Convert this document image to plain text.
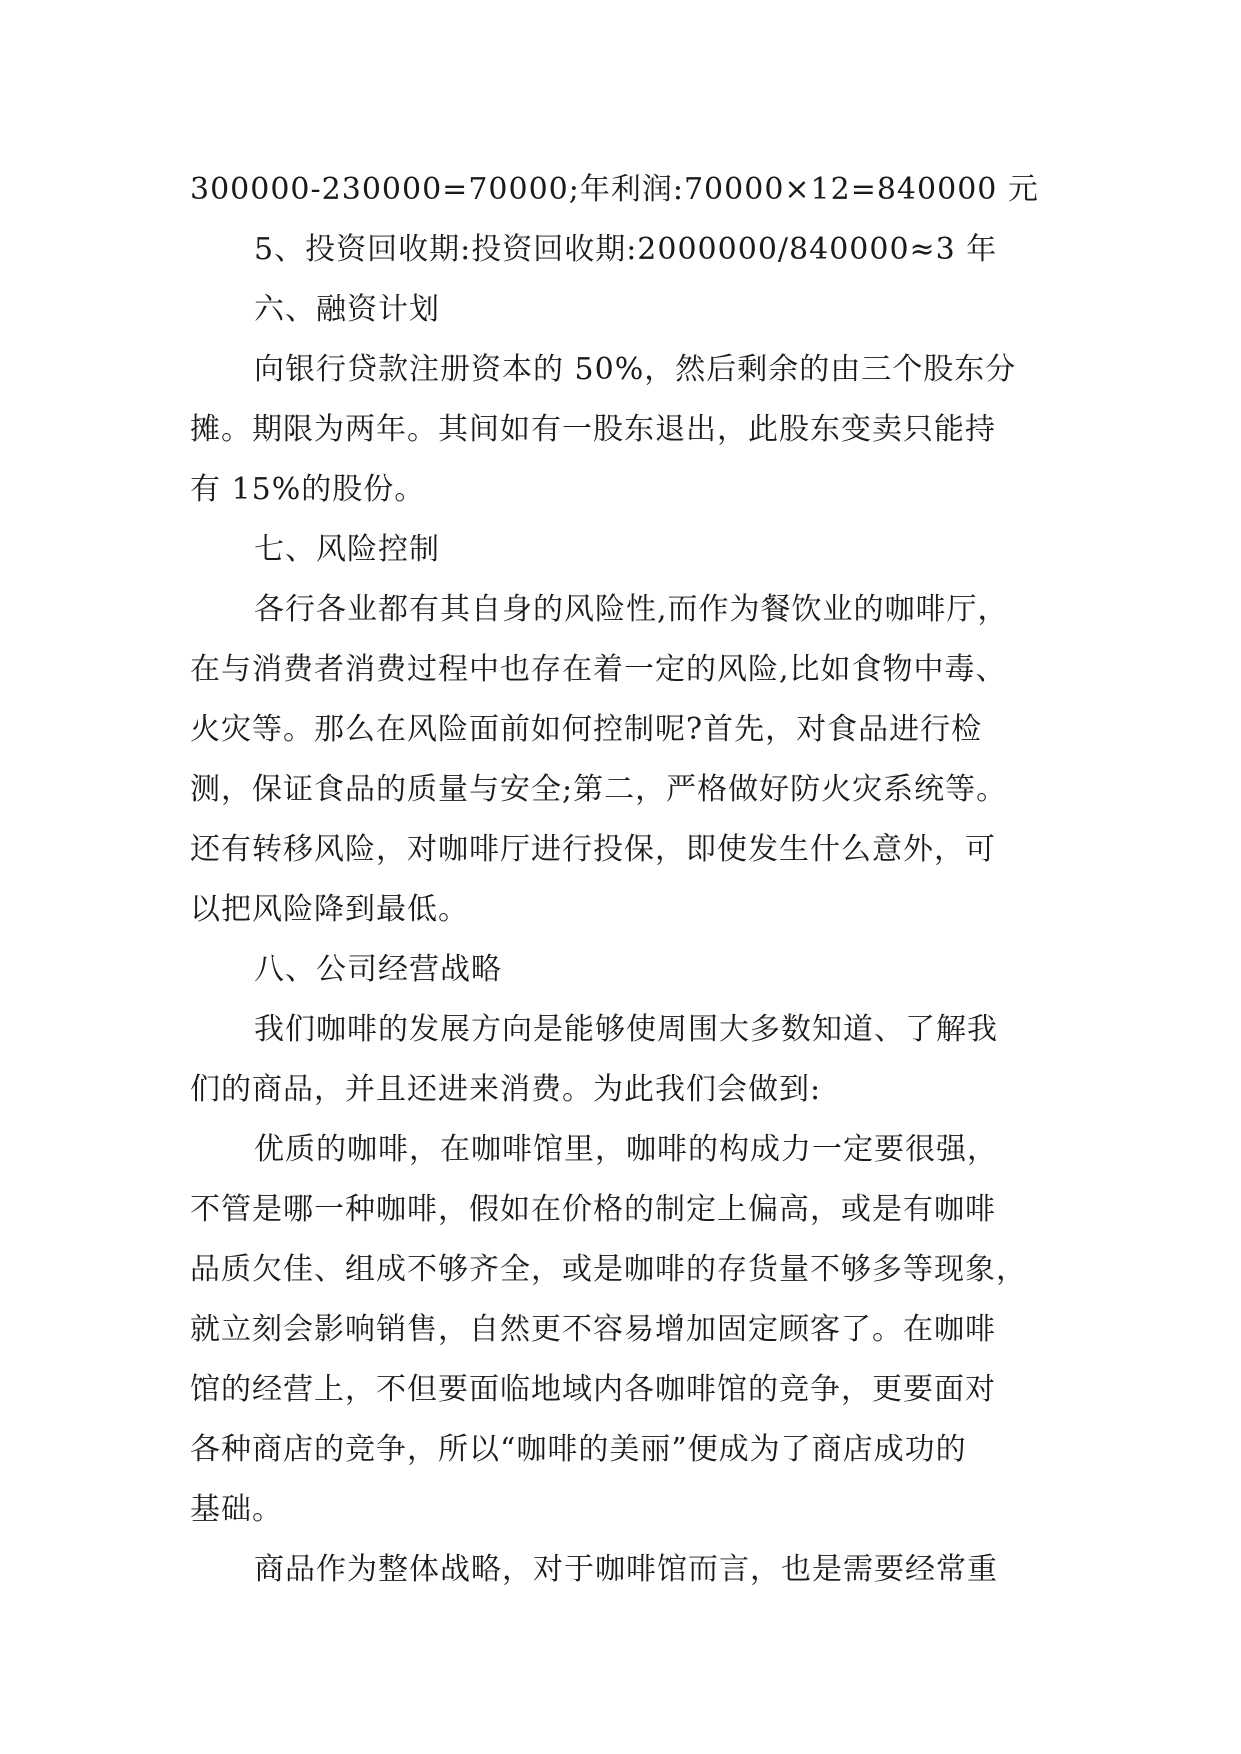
300000-230000=70000;年利润:70000×12=840000 元

5、投资回收期:投资回收期:2000000/840000≈3 年

六、融资计划

向银行贷款注册资本的 50%，然后剩余的由三个股东分
摊。期限为两年。其间如有一股东退出，此股东变卖只能持
有 15%的股份。

七、风险控制

各行各业都有其自身的风险性,而作为餐饮业的咖啡厅，
在与消费者消费过程中也存在着一定的风险,比如食物中毒、
火灾等。那么在风险面前如何控制呢?首先，对食品进行检
测，保证食品的质量与安全;第二，严格做好防火灾系统等。
还有转移风险，对咖啡厅进行投保，即使发生什么意外，可
以把风险降到最低。

八、公司经营战略

我们咖啡的发展方向是能够使周围大多数知道、了解我
们的商品，并且还进来消费。为此我们会做到:

优质的咖啡，在咖啡馆里，咖啡的构成力一定要很强，
不管是哪一种咖啡，假如在价格的制定上偏高，或是有咖啡
品质欠佳、组成不够齐全，或是咖啡的存货量不够多等现象，
就立刻会影响销售，自然更不容易增加固定顾客了。在咖啡
馆的经营上，不但要面临地域内各咖啡馆的竞争，更要面对
各种商店的竞争，所以“咖啡的美丽”便成为了商店成功的
基础。

商品作为整体战略，对于咖啡馆而言，也是需要经常重
